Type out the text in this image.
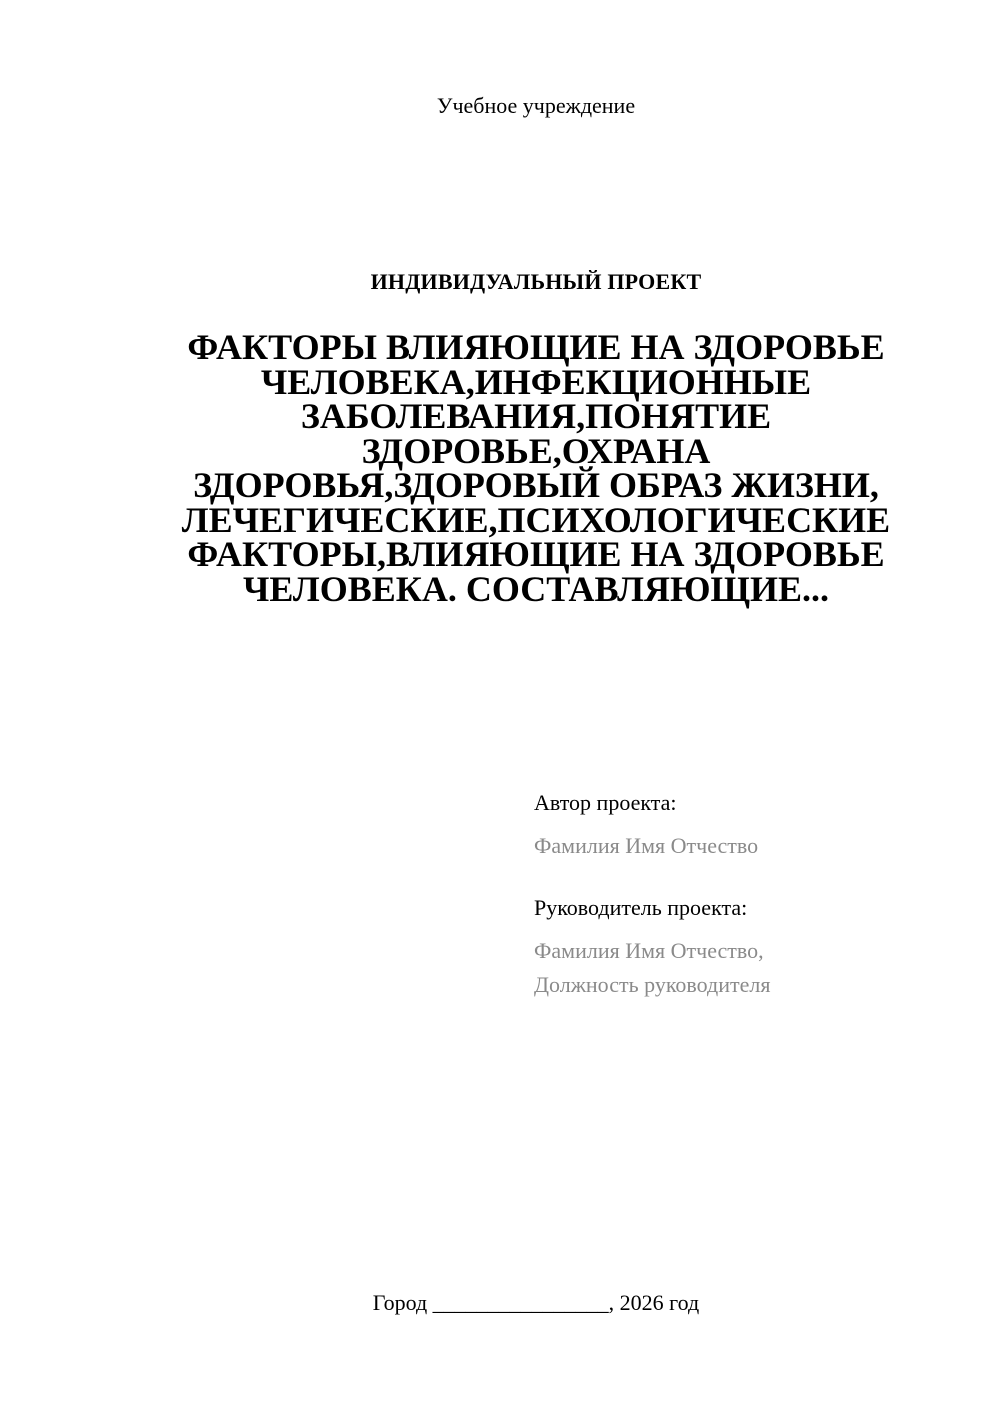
Учебное учреждение
ИНДИВИДУАЛЬНЫЙ ПРОЕКТ
ФАКТОРЫ ВЛИЯЮЩИЕ НА ЗДОРОВЬЕ
ЧЕЛОВЕКА,ИНФЕКЦИОННЫЕ
ЗАБОЛЕВАНИЯ,ПОНЯТИЕ
ЗДОРОВЬЕ,ОХРАНА
ЗДОРОВЬЯ,ЗДОРОВЫЙ ОБРАЗ ЖИЗНИ,
ЛЕЧЕГИЧЕСКИЕ,ПСИХОЛОГИЧЕСКИЕ
ФАКТОРЫ,ВЛИЯЮЩИЕ НА ЗДОРОВЬЕ
ЧЕЛОВЕКА. СОСТАВЛЯЮЩИЕ...
Автор проекта:
Фамилия Имя Отчество
Руководитель проекта:
Фамилия Имя Отчество,
Должность руководителя
Город ________________, 2026 год
